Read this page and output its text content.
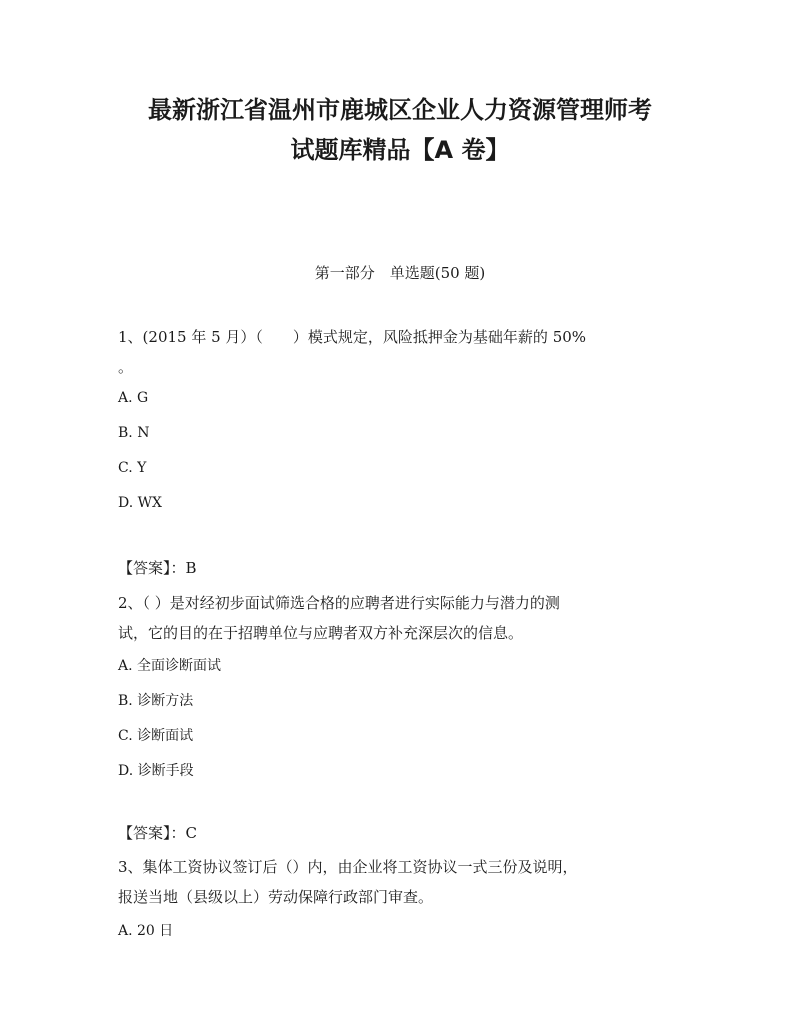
最新浙江省温州市鹿城区企业人力资源管理师考
试题库精品【A 卷】
第一部分　单选题(50 题)
1、(2015 年 5 月）（　　）模式规定，风险抵押金为基础年薪的 50%
。
A. G
B. N
C. Y
D. WX
【答案】：B
2、（ ）是对经初步面试筛选合格的应聘者进行实际能力与潜力的测
试，它的目的在于招聘单位与应聘者双方补充深层次的信息。
A. 全面诊断面试
B. 诊断方法
C. 诊断面试
D. 诊断手段
【答案】：C
3、集体工资协议签订后（）内，由企业将工资协议一式三份及说明，
报送当地（县级以上）劳动保障行政部门审查。
A. 20 日
